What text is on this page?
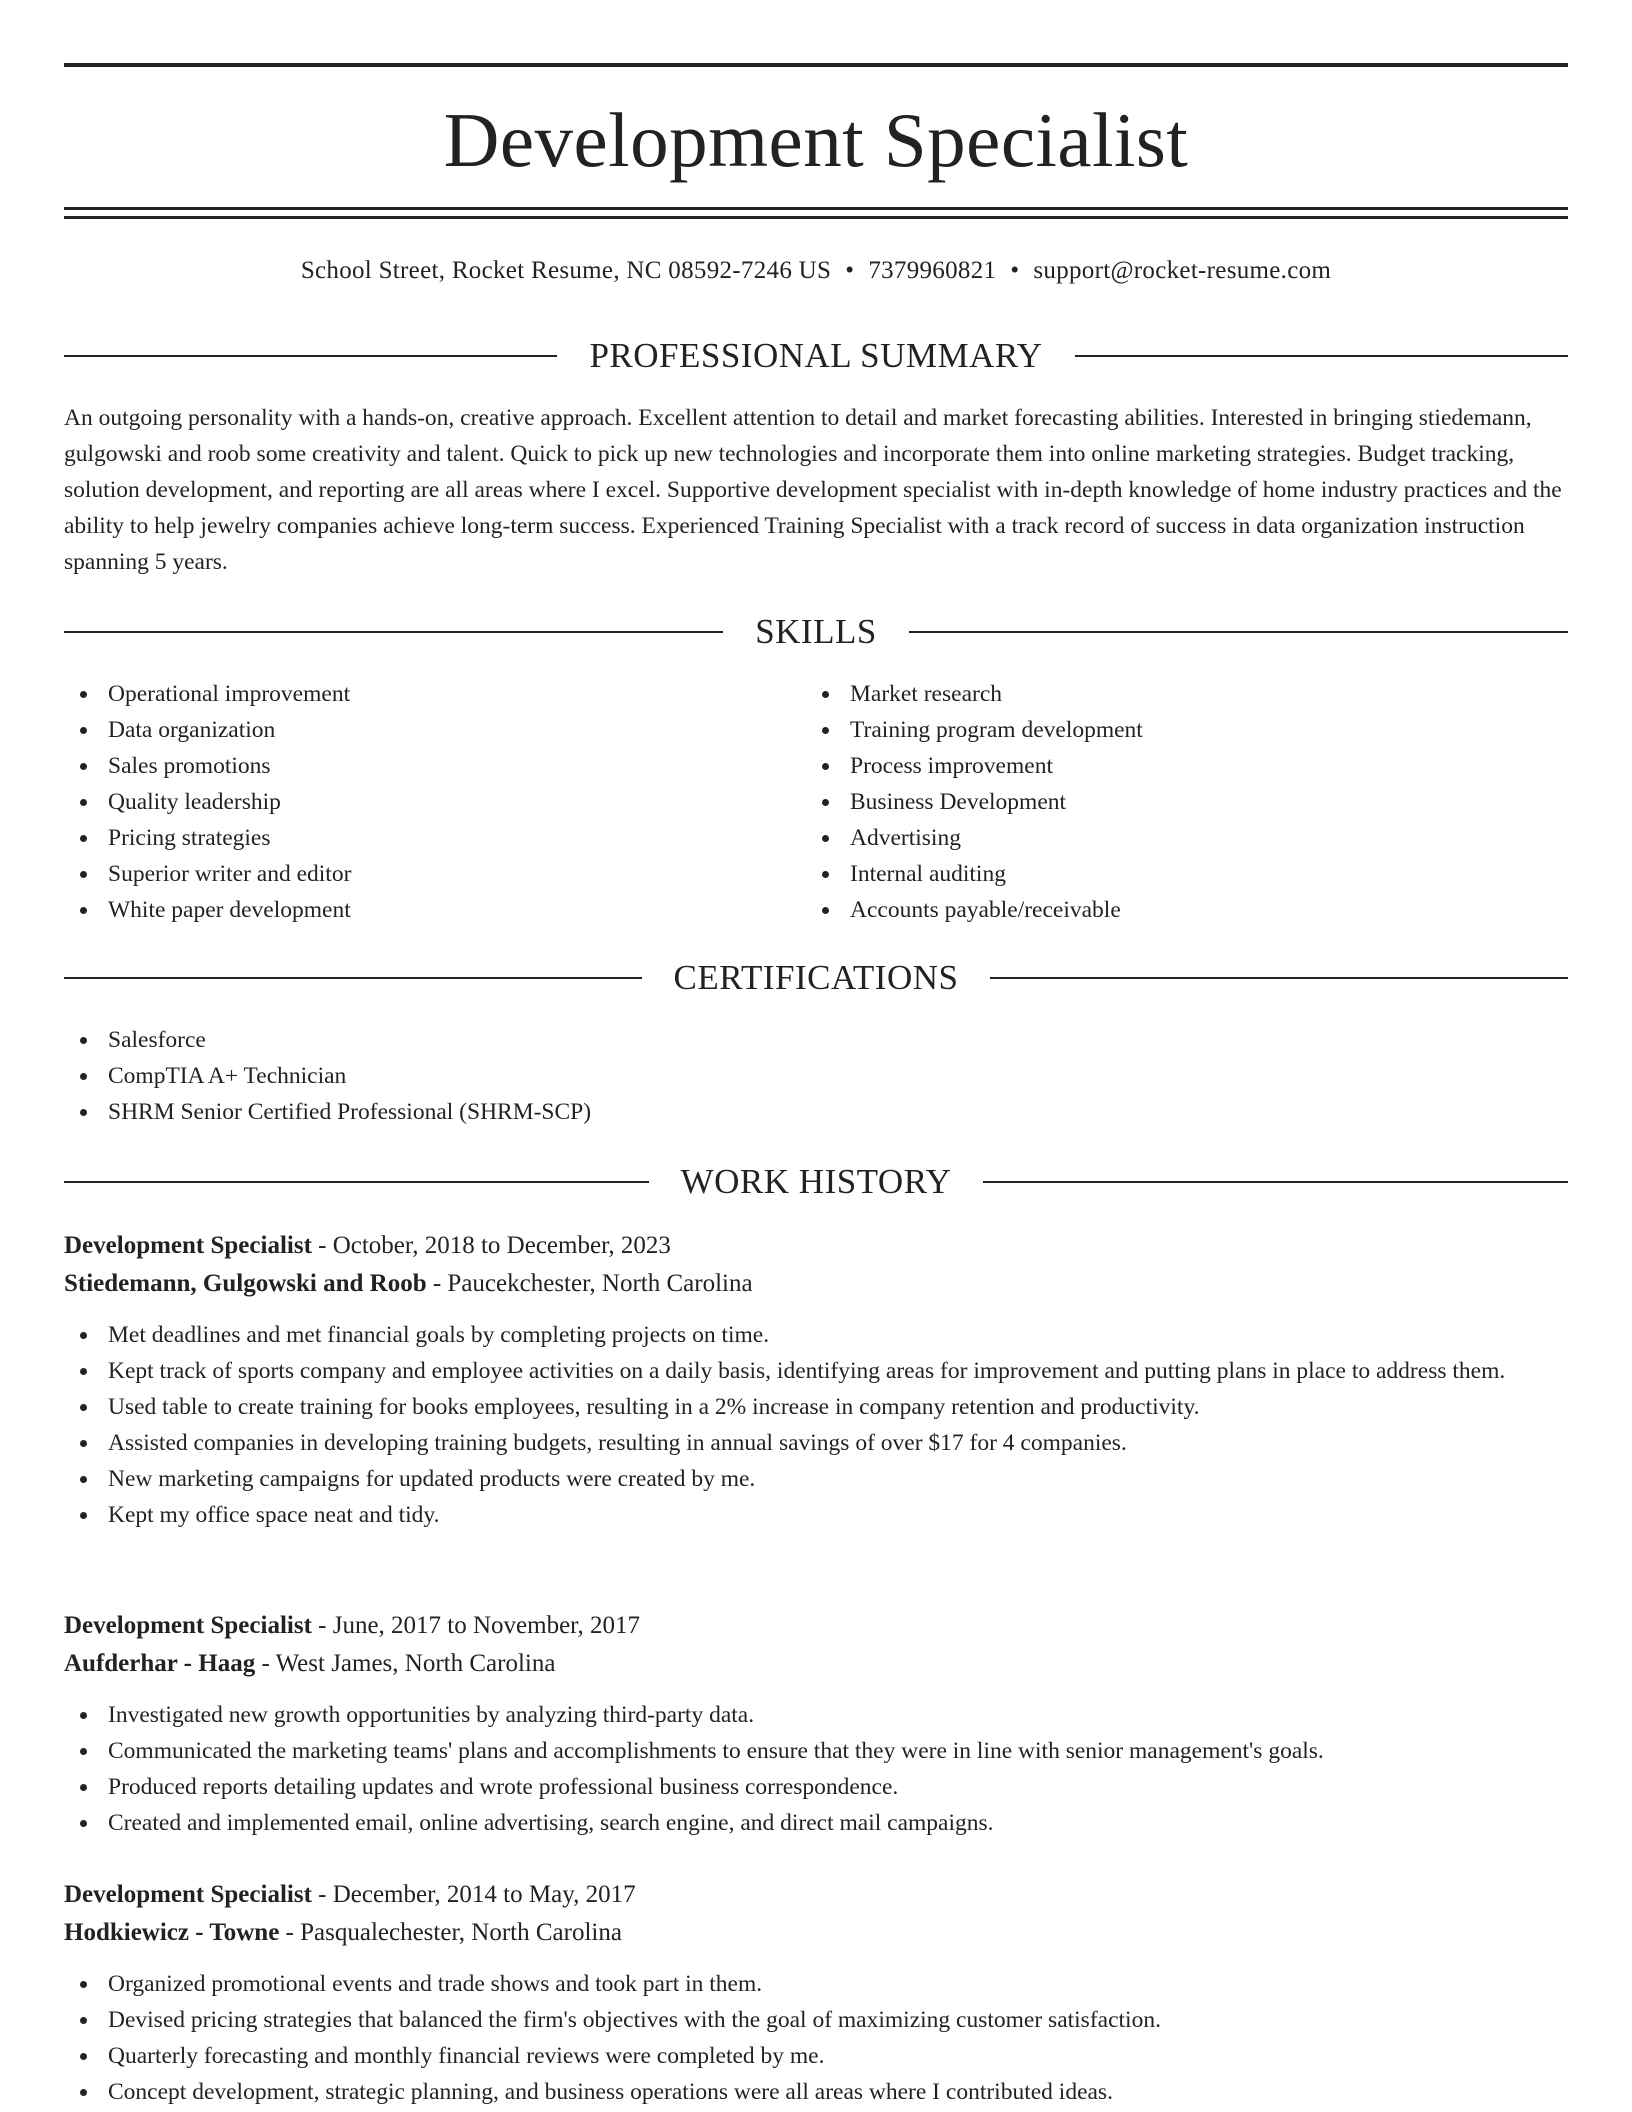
Development Specialist
School Street, Rocket Resume, NC 08592-7246 US • 7379960821 • support@rocket-resume.com
PROFESSIONAL SUMMARY

An outgoing personality with a hands-on, creative approach. Excellent attention to detail and market forecasting abilities. Interested in bringing stiedemann, gulgowski and roob some creativity and talent. Quick to pick up new technologies and incorporate them into online marketing strategies. Budget tracking, solution development, and reporting are all areas where I excel. Supportive development specialist with in-depth knowledge of home industry practices and the ability to help jewelry companies achieve long-term success. Experienced Training Specialist with a track record of success in data organization instruction spanning 5 years.

SKILLS
Operational improvement
Data organization
Sales promotions
Quality leadership
Pricing strategies
Superior writer and editor
White paper development
Market research
Training program development
Process improvement
Business Development
Advertising
Internal auditing
Accounts payable/receivable
CERTIFICATIONS
Salesforce
CompTIA A+ Technician
SHRM Senior Certified Professional (SHRM-SCP)
WORK HISTORY
Development Specialist - October, 2018 to December, 2023
Stiedemann, Gulgowski and Roob - Paucekchester, North Carolina
Met deadlines and met financial goals by completing projects on time.
Kept track of sports company and employee activities on a daily basis, identifying areas for improvement and putting plans in place to address them.
Used table to create training for books employees, resulting in a 2% increase in company retention and productivity.
Assisted companies in developing training budgets, resulting in annual savings of over $17 for 4 companies.
New marketing campaigns for updated products were created by me.
Kept my office space neat and tidy.
Development Specialist - June, 2017 to November, 2017
Aufderhar - Haag - West James, North Carolina
Investigated new growth opportunities by analyzing third-party data.
Communicated the marketing teams' plans and accomplishments to ensure that they were in line with senior management's goals.
Produced reports detailing updates and wrote professional business correspondence.
Created and implemented email, online advertising, search engine, and direct mail campaigns.
Development Specialist - December, 2014 to May, 2017
Hodkiewicz - Towne - Pasqualechester, North Carolina
Organized promotional events and trade shows and took part in them.
Devised pricing strategies that balanced the firm's objectives with the goal of maximizing customer satisfaction.
Quarterly forecasting and monthly financial reviews were completed by me.
Concept development, strategic planning, and business operations were all areas where I contributed ideas.
